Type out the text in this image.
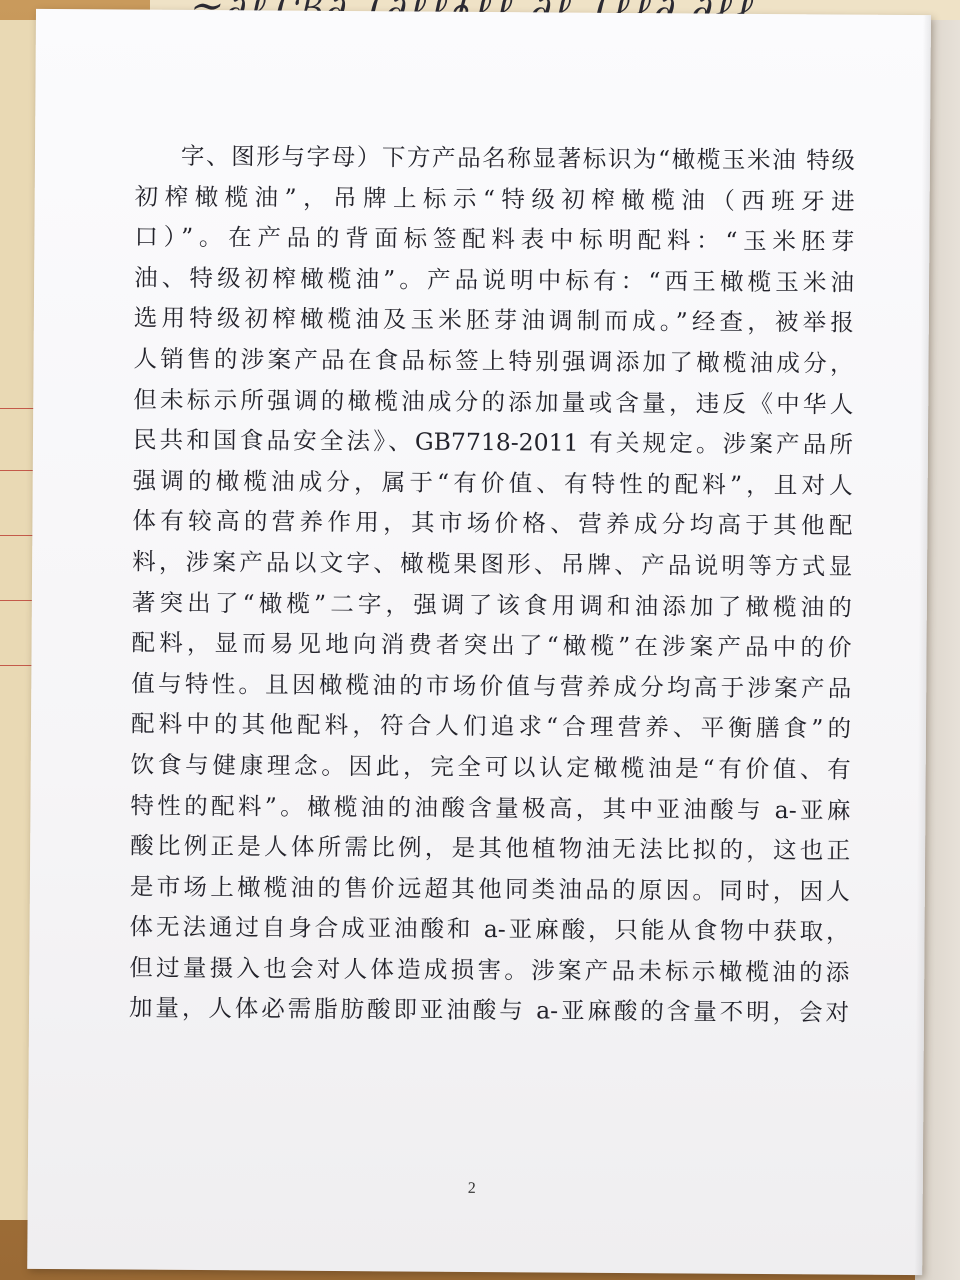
字、图形与字母）下方产品名称显著标识为“橄榄玉米油 特级
初榨橄榄油”，吊牌上标示“特级初榨橄榄油（西班牙进
口）”。在产品的背面标签配料表中标明配料：“玉米胚芽
油、特级初榨橄榄油”。产品说明中标有：“西王橄榄玉米油
选用特级初榨橄榄油及玉米胚芽油调制而成。”经查，被举报
人销售的涉案产品在食品标签上特别强调添加了橄榄油成分，
但未标示所强调的橄榄油成分的添加量或含量，违反《中华人
民共和国食品安全法》、GB7718-2011 有关规定。涉案产品所
强调的橄榄油成分，属于“有价值、有特性的配料”，且对人
体有较高的营养作用，其市场价格、营养成分均高于其他配
料，涉案产品以文字、橄榄果图形、吊牌、产品说明等方式显
著突出了“橄榄”二字，强调了该食用调和油添加了橄榄油的
配料，显而易见地向消费者突出了“橄榄”在涉案产品中的价
值与特性。且因橄榄油的市场价值与营养成分均高于涉案产品
配料中的其他配料，符合人们追求“合理营养、平衡膳食”的
饮食与健康理念。因此，完全可以认定橄榄油是“有价值、有
特性的配料”。橄榄油的油酸含量极高，其中亚油酸与 a-亚麻
酸比例正是人体所需比例，是其他植物油无法比拟的，这也正
是市场上橄榄油的售价远超其他同类油品的原因。同时，因人
体无法通过自身合成亚油酸和 a-亚麻酸，只能从食物中获取，
但过量摄入也会对人体造成损害。涉案产品未标示橄榄油的添
加量，人体必需脂肪酸即亚油酸与 a-亚麻酸的含量不明，会对
2
